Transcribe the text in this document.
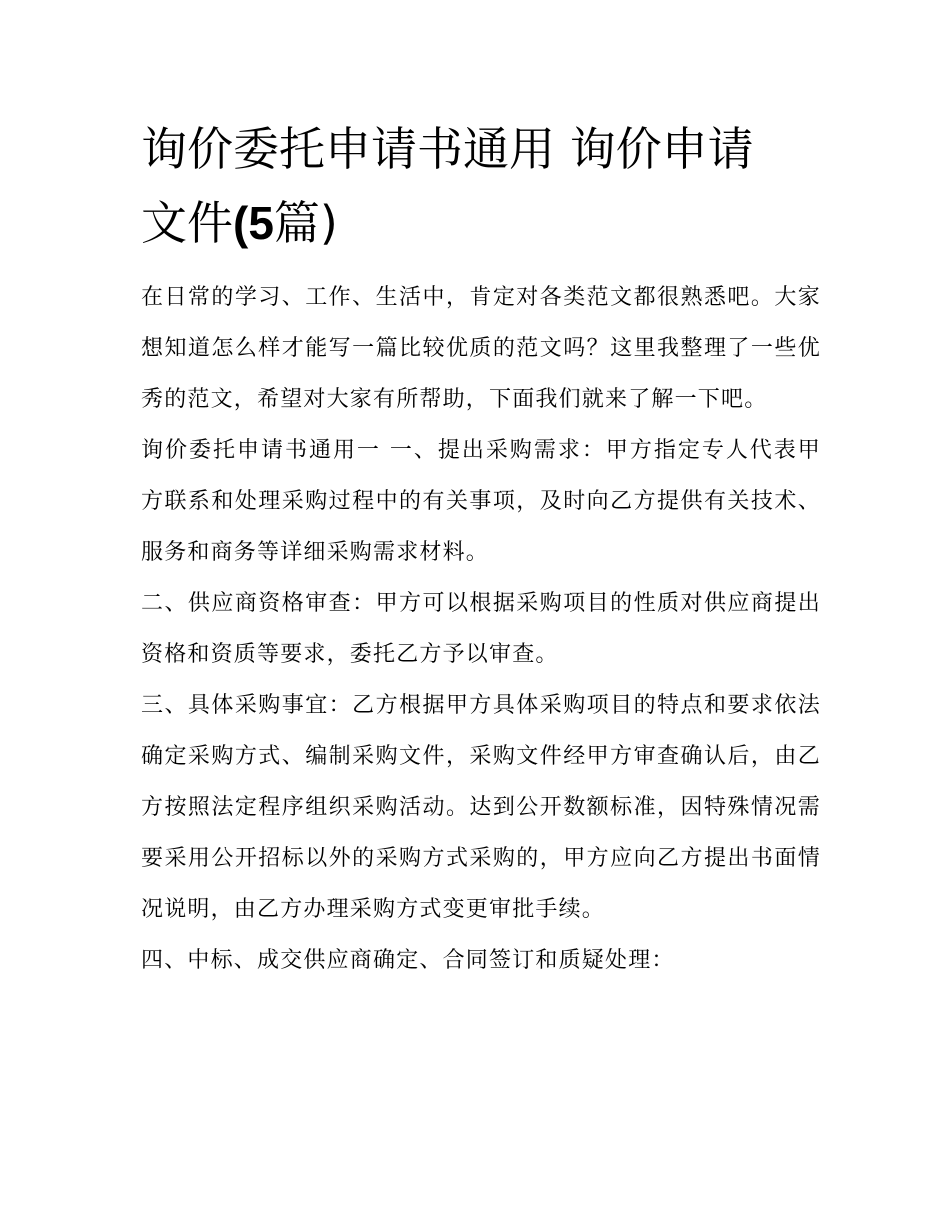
询价委托申请书通用 询价申请
文件(5篇)

在日常的学习、工作、生活中，肯定对各类范文都很熟悉吧。大家想知道怎么样才能写一篇比较优质的范文吗？这里我整理了一些优秀的范文，希望对大家有所帮助，下面我们就来了解一下吧。

询价委托申请书通用一 一、提出采购需求：甲方指定专人代表甲方联系和处理采购过程中的有关事项，及时向乙方提供有关技术、服务和商务等详细采购需求材料。

二、供应商资格审查：甲方可以根据采购项目的性质对供应商提出资格和资质等要求，委托乙方予以审查。

三、具体采购事宜：乙方根据甲方具体采购项目的特点和要求依法确定采购方式、编制采购文件，采购文件经甲方审查确认后，由乙方按照法定程序组织采购活动。达到公开数额标准，因特殊情况需要采用公开招标以外的采购方式采购的，甲方应向乙方提出书面情况说明，由乙方办理采购方式变更审批手续。

四、中标、成交供应商确定、合同签订和质疑处理：
